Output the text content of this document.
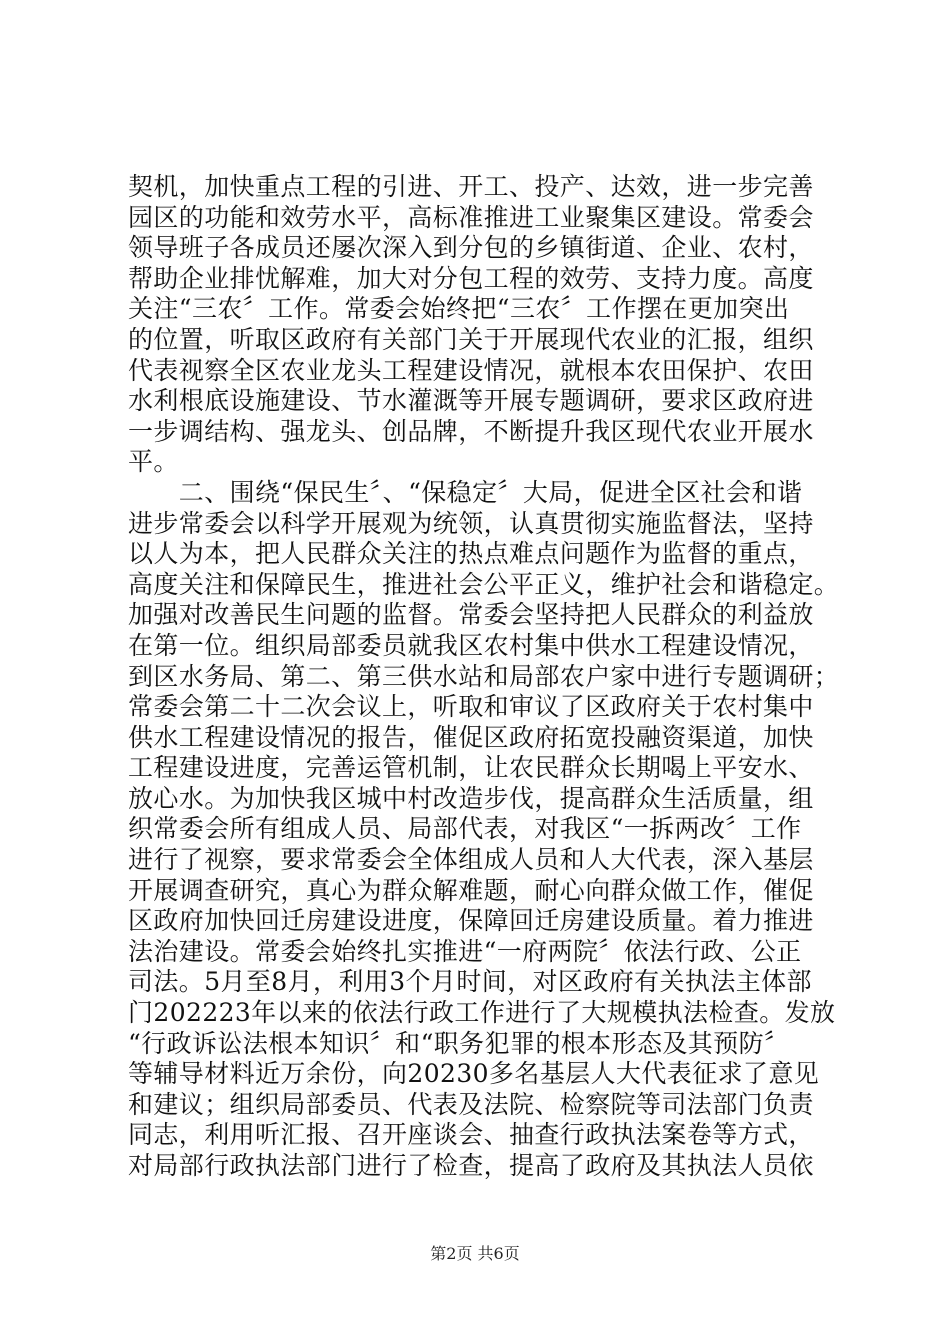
契机，加快重点工程的引进、开工、投产、达效，进一步完善
园区的功能和效劳水平，高标准推进工业聚集区建设。常委会
领导班子各成员还屡次深入到分包的乡镇街道、企业、农村，
帮助企业排忧解难，加大对分包工程的效劳、支持力度。高度
关注“三农〞工作。常委会始终把“三农〞工作摆在更加突出
的位置，听取区政府有关部门关于开展现代农业的汇报，组织
代表视察全区农业龙头工程建设情况，就根本农田保护、农田
水利根底设施建设、节水灌溉等开展专题调研，要求区政府进
一步调结构、强龙头、创品牌，不断提升我区现代农业开展水
平。
　　二、围绕“保民生〞、“保稳定〞大局，促进全区社会和谐
进步常委会以科学开展观为统领，认真贯彻实施监督法，坚持
以人为本，把人民群众关注的热点难点问题作为监督的重点，
高度关注和保障民生，推进社会公平正义，维护社会和谐稳定。
加强对改善民生问题的监督。常委会坚持把人民群众的利益放
在第一位。组织局部委员就我区农村集中供水工程建设情况，
到区水务局、第二、第三供水站和局部农户家中进行专题调研；
常委会第二十二次会议上，听取和审议了区政府关于农村集中
供水工程建设情况的报告，催促区政府拓宽投融资渠道，加快
工程建设进度，完善运管机制，让农民群众长期喝上平安水、
放心水。为加快我区城中村改造步伐，提高群众生活质量，组
织常委会所有组成人员、局部代表，对我区“一拆两改〞工作
进行了视察，要求常委会全体组成人员和人大代表，深入基层
开展调查研究，真心为群众解难题，耐心向群众做工作，催促
区政府加快回迁房建设进度，保障回迁房建设质量。着力推进
法治建设。常委会始终扎实推进“一府两院〞依法行政、公正
司法。5月至8月，利用3个月时间，对区政府有关执法主体部
门202223年以来的依法行政工作进行了大规模执法检查。发放
“行政诉讼法根本知识〞和“职务犯罪的根本形态及其预防〞
等辅导材料近万余份，向20230多名基层人大代表征求了意见
和建议；组织局部委员、代表及法院、检察院等司法部门负责
同志，利用听汇报、召开座谈会、抽查行政执法案卷等方式，
对局部行政执法部门进行了检查，提高了政府及其执法人员依
第2页 共6页
